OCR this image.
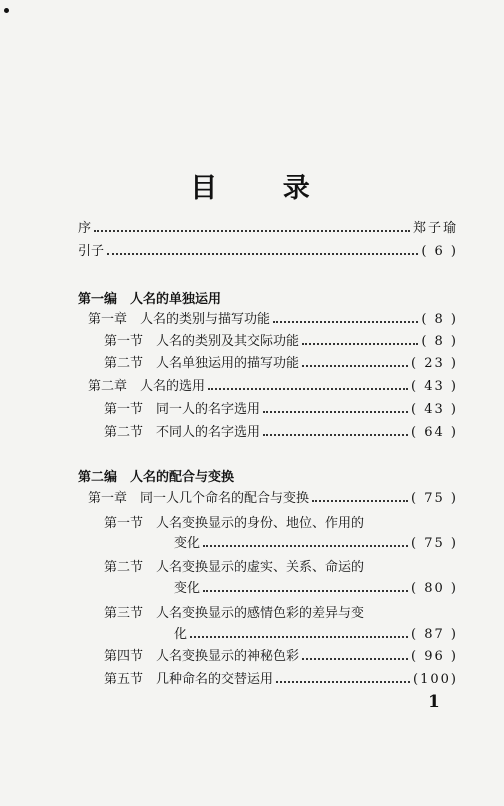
目 录
序	郑子瑜
引子	( 6 )
第一编　人名的单独运用
第一章　人名的类别与描写功能	( 8 )
第一节　人名的类别及其交际功能	( 8 )
第二节　人名单独运用的描写功能	( 23 )
第二章　人名的选用	( 43 )
第一节　同一人的名字选用	( 43 )
第二节　不同人的名字选用	( 64 )
第二编　人名的配合与变换
第一章　同一人几个命名的配合与变换	( 75 )
第一节　人名变换显示的身份、地位、作用的
变化	( 75 )
第二节　人名变换显示的虚实、关系、命运的
变化	( 80 )
第三节　人名变换显示的感情色彩的差异与变
化	( 87 )
第四节　人名变换显示的神秘色彩	( 96 )
第五节　几种命名的交替运用	(100)
1
